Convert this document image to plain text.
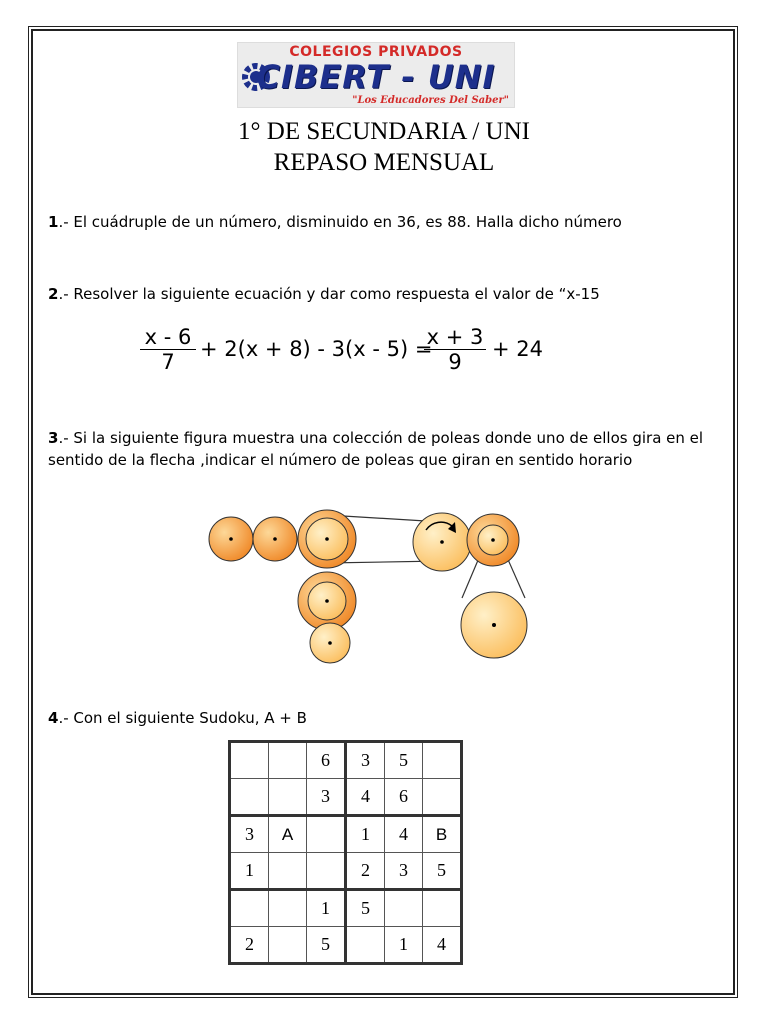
COLEGIOS PRIVADOS
CIBERT - UNI
"Los Educadores Del Saber"
1° DE SECUNDARIA / UNI
REPASO MENSUAL
1.- El cuádruple de un número, disminuido en 36, es 88. Halla dicho número
2.- Resolver la siguiente ecuación y dar como respuesta el valor de “x-15
$\frac{x - 6}{7} + 2(x + 8) - 3(x - 5)$ =
$\frac{x + 3}{9} + 24$
3.- Si la siguiente figura muestra una colección de poleas donde uno de ellos gira en el sentido de la flecha ,indicar el número de poleas que giran en sentido horario
4.- Con el siguiente Sudoku, A + B
		6	3	5	
		3	4	6	
3	A		1	4	B
1			2	3	5
		1	5		
2		5		1	4
